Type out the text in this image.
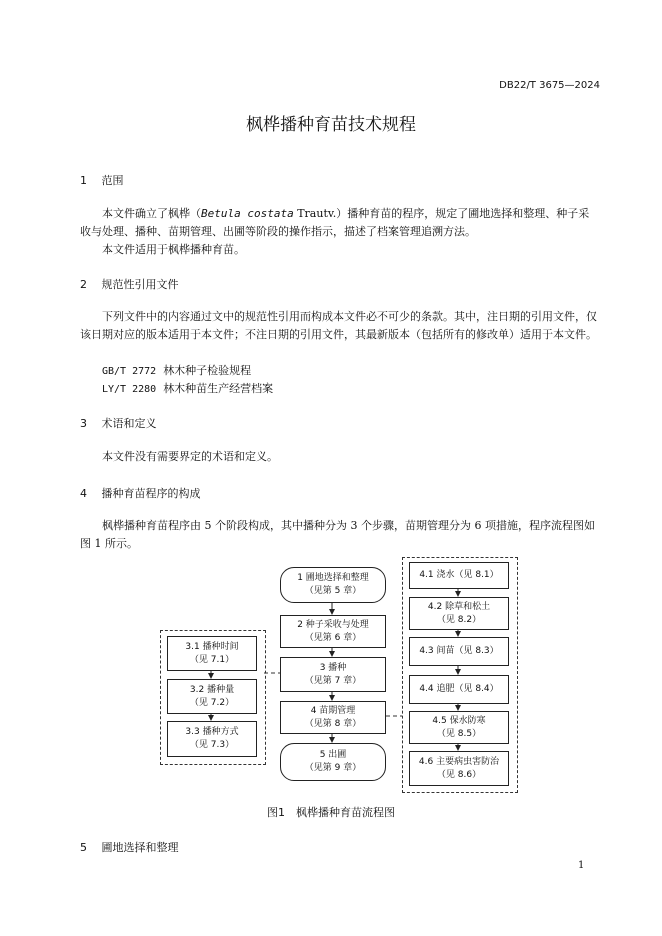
DB22/T 3675—2024
枫桦播种育苗技术规程
1 范围
本文件确立了枫桦（Betula costata Trautv.）播种育苗的程序，规定了圃地选择和整理、种子采收与处理、播种、苗期管理、出圃等阶段的操作指示，描述了档案管理追溯方法。
本文件适用于枫桦播种育苗。
2 规范性引用文件
下列文件中的内容通过文中的规范性引用而构成本文件必不可少的条款。其中，注日期的引用文件，仅该日期对应的版本适用于本文件；不注日期的引用文件，其最新版本（包括所有的修改单）适用于本文件。
GB/T 2772 林木种子检验规程
LY/T 2280 林木种苗生产经营档案
3 术语和定义
本文件没有需要界定的术语和定义。
4 播种育苗程序的构成
枫桦播种育苗程序由 5 个阶段构成，其中播种分为 3 个步骤，苗期管理分为 6 项措施，程序流程图如图 1 所示。
1 圃地选择和整理
（见第 5 章）
2 种子采收与处理
（见第 6 章）
3 播种
（见第 7 章）
4 苗期管理
（见第 8 章）
5 出圃
（见第 9 章）
3.1 播种时间
（见 7.1）
3.2 播种量
（见 7.2）
3.3 播种方式
（见 7.3）
4.1 浇水（见 8.1）
4.2 除草和松土
（见 8.2）
4.3 间苗（见 8.3）
4.4 追肥（见 8.4）
4.5 保水防寒
（见 8.5）
4.6 主要病虫害防治
（见 8.6）
图1　枫桦播种育苗流程图
5 圃地选择和整理
1
